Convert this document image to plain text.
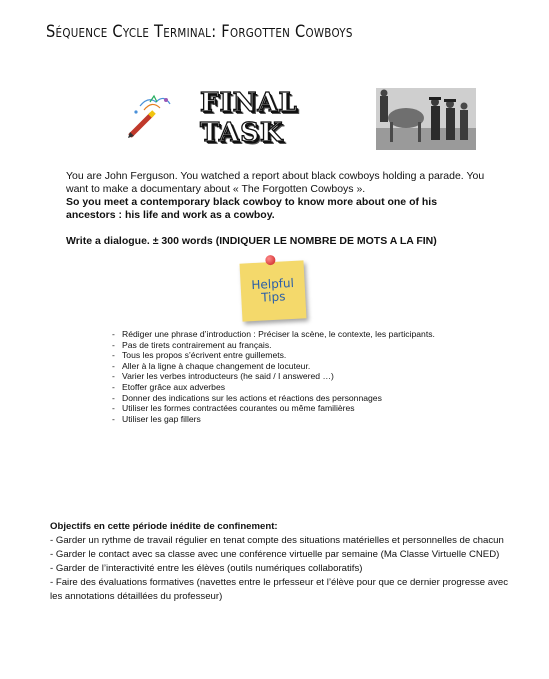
Séquence Cycle Terminal: Forgotten Cowboys
FINAL TASK

You are John Ferguson. You watched a report about black cowboys holding a parade. You want to make a documentary about « The Forgotten Cowboys ».

So you meet a contemporary black cowboy to know more about one of his ancestors : his life and work as a cowboy.

Write a dialogue. ± 300 words (INDIQUER LE NOMBRE DE MOTS A LA FIN)
Helpful
Tips
- Rédiger une phrase d’introduction : Préciser la scène, le contexte, les participants.
- Pas de tirets contrairement au français.
- Tous les propos s’écrivent entre guillemets.
- Aller à la ligne à chaque changement de locuteur.
- Varier les verbes introducteurs (he said / I answered …)
- Etoffer grâce aux adverbes
- Donner des indications sur les actions et réactions des personnages
- Utiliser les formes contractées courantes ou même familières
- Utiliser les gap fillers

Objectifs en cette période inédite de confinement:

- Garder un rythme de travail régulier en tenat compte des situations matérielles et personnelles de chacun

- Garder le contact avec sa classe avec une conférence virtuelle par semaine (Ma Classe Virtuelle CNED)

- Garder de l’interactivité entre les élèves (outils numériques collaboratifs)

- Faire des évaluations formatives (navettes entre le prfesseur et l’élève pour que ce dernier progresse avec les annotations détaillées du professeur)
